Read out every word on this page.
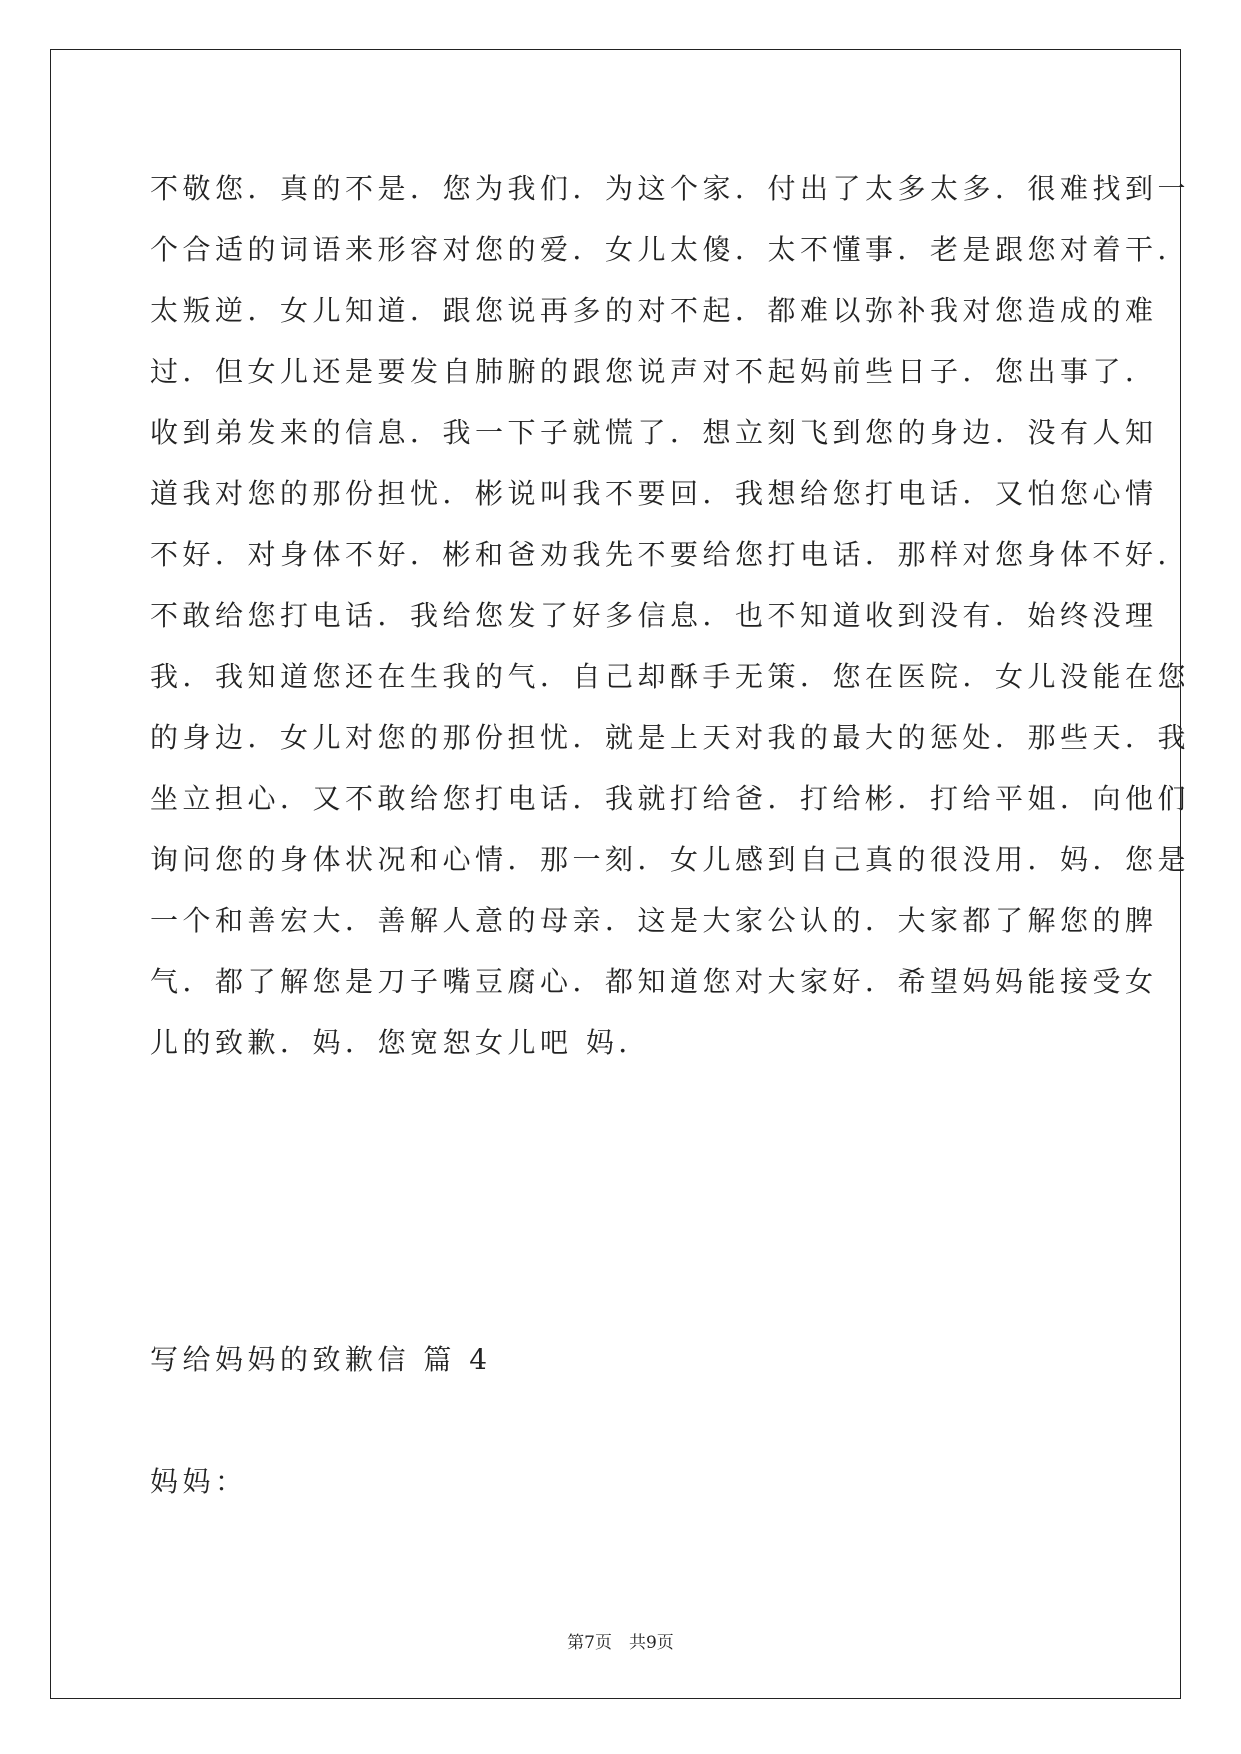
不敬您．真的不是．您为我们．为这个家．付出了太多太多．很难找到一
个合适的词语来形容对您的爱．女儿太傻．太不懂事．老是跟您对着干．
太叛逆．女儿知道．跟您说再多的对不起．都难以弥补我对您造成的难
过．但女儿还是要发自肺腑的跟您说声对不起妈前些日子．您出事了．
收到弟发来的信息．我一下子就慌了．想立刻飞到您的身边．没有人知
道我对您的那份担忧．彬说叫我不要回．我想给您打电话．又怕您心情
不好．对身体不好．彬和爸劝我先不要给您打电话．那样对您身体不好．
不敢给您打电话．我给您发了好多信息．也不知道收到没有．始终没理
我．我知道您还在生我的气．自己却酥手无策．您在医院．女儿没能在您
的身边．女儿对您的那份担忧．就是上天对我的最大的惩处．那些天．我
坐立担心．又不敢给您打电话．我就打给爸．打给彬．打给平姐．向他们
询问您的身体状况和心情．那一刻．女儿感到自己真的很没用．妈．您是
一个和善宏大．善解人意的母亲．这是大家公认的．大家都了解您的脾
气．都了解您是刀子嘴豆腐心．都知道您对大家好．希望妈妈能接受女
儿的致歉．妈．您宽恕女儿吧 妈．
写给妈妈的致歉信 篇 4
妈妈：
第7页　共9页
